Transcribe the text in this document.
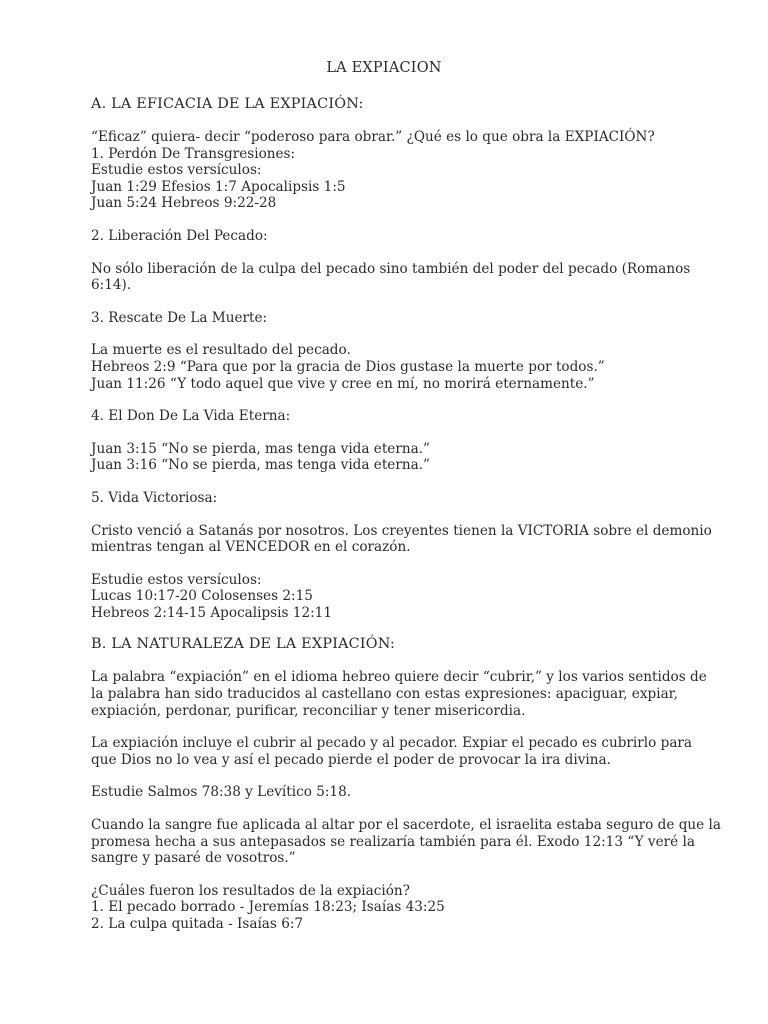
LA EXPIACION
A. LA EFICACIA DE LA EXPIACIÓN:

“Eficaz” quiera- decir “poderoso para obrar.” ¿Qué es lo que obra la EXPIACIÓN?
1. Perdón De Transgresiones:
Estudie estos versículos:
Juan 1:29 Efesios 1:7 Apocalipsis 1:5
Juan 5:24 Hebreos 9:22-28

2. Liberación Del Pecado:

No sólo liberación de la culpa del pecado sino también del poder del pecado (Romanos
6:14).

3. Rescate De La Muerte:

La muerte es el resultado del pecado.
Hebreos 2:9 “Para que por la gracia de Dios gustase la muerte por todos.”
Juan 11:26 “Y todo aquel que vive y cree en mí, no morirá eternamente.”

4. El Don De La Vida Eterna:

Juan 3:15 “No se pierda, mas tenga vida eterna.”
Juan 3:16 “No se pierda, mas tenga vida eterna.”

5. Vida Victoriosa:

Cristo venció a Satanás por nosotros. Los creyentes tienen la VICTORIA sobre el demonio
mientras tengan al VENCEDOR en el corazón.

Estudie estos versículos:
Lucas 10:17-20 Colosenses 2:15
Hebreos 2:14-15 Apocalipsis 12:11

B. LA NATURALEZA DE LA EXPIACIÓN:

La palabra “expiación” en el idioma hebreo quiere decir “cubrir,” y los varios sentidos de
la palabra han sido traducidos al castellano con estas expresiones: apaciguar, expiar,
expiación, perdonar, purificar, reconciliar y tener misericordia.

La expiación incluye el cubrir al pecado y al pecador. Expiar el pecado es cubrirlo para
que Dios no lo vea y así el pecado pierde el poder de provocar la ira divina.

Estudie Salmos 78:38 y Levítico 5:18.

Cuando la sangre fue aplicada al altar por el sacerdote, el israelita estaba seguro de que la
promesa hecha a sus antepasados se realizaría también para él. Exodo 12:13 “Y veré la
sangre y pasaré de vosotros.”

¿Cuáles fueron los resultados de la expiación?
1. El pecado borrado - Jeremías 18:23; Isaías 43:25
2. La culpa quitada - Isaías 6:7
